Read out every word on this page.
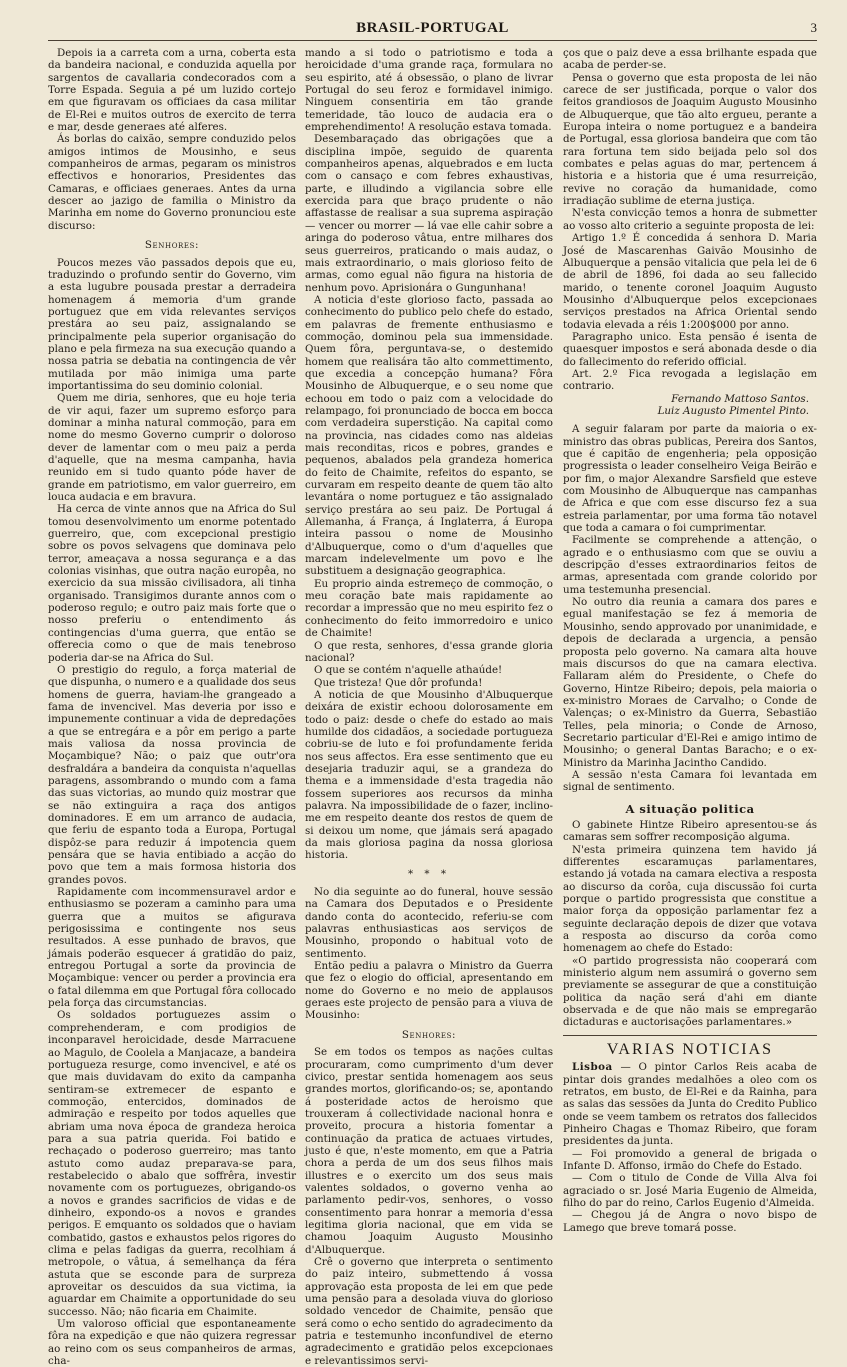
BRASIL-PORTUGAL	3

Depois ia a carreta com a urna, coberta esta da bandeira nacional, e conduzida aquella por sargentos de cavallaria condecorados com a Torre Espada. Seguia a pé um luzido cortejo em que figuravam os officiaes da casa militar de El-Rei e muitos outros de exercito de terra e mar, desde generaes até alferes.

Ás borlas do caixão, sempre conduzido pelos amigos intimos de Mousinho, e seus companheiros de armas, pegaram os ministros effectivos e honorarios, Presidentes das Camaras, e officiaes generaes. Antes da urna descer ao jazigo de familia o Ministro da Marinha em nome do Governo pronunciou este discurso:

Senhores:

Poucos mezes vão passados depois que eu, traduzindo o profundo sentir do Governo, vim a esta lugubre pousada prestar a derradeira homenagem á memoria d'um grande portuguez que em vida relevantes serviços prestára ao seu paiz, assignalando se principalmente pela superior organisação do plano e pela firmeza na sua execução quando a nossa patria se debatia na contingencia de vêr mutilada por mão inimiga uma parte importantissima do seu dominio colonial.

Quem me diria, senhores, que eu hoje teria de vir aqui, fazer um supremo esforço para dominar a minha natural commoção, para em nome do mesmo Governo cumprir o doloroso dever de lamentar com o meu paiz a perda d'aquelle, que na mesma campanha, havia reunido em si tudo quanto póde haver de grande em patriotismo, em valor guerreiro, em louca audacia e em bravura.

Ha cerca de vinte annos que na Africa do Sul tomou desenvolvimento um enorme potentado guerreiro, que, com excepcional prestigio sobre os povos selvagens que dominava pelo terror, ameaçava a nossa segurança e a das colonias visinhas, que outra nação europêa, no exercicio da sua missão civilisadora, ali tinha organisado. Transigimos durante annos com o poderoso regulo; e outro paiz mais forte que o nosso preferiu o entendimento ás contingencias d'uma guerra, que então se offerecia como o que de mais tenebroso poderia dar-se na Africa do Sul.

O prestigio do regulo, a força material de que dispunha, o numero e a qualidade dos seus homens de guerra, haviam-lhe grangeado a fama de invencivel. Mas deveria por isso e impunemente continuar a vida de depredações a que se entregára e a pôr em perigo a parte mais valiosa da nossa provincia de Moçambique? Não; o paiz que outr'ora desfraldára a bandeira da conquista n'aquellas paragens, assombrando o mundo com a fama das suas victorias, ao mundo quiz mostrar que se não extinguira a raça dos antigos dominadores. E em um arranco de audacia, que feriu de espanto toda a Europa, Portugal dispôz-se para reduzir á impotencia quem pensára que se havia entibiado a acção do povo que tem a mais formosa historia dos grandes povos.

Rapidamente com incommensuravel ardor e enthusiasmo se pozeram a caminho para uma guerra que a muitos se afigurava perigosissima e contingente nos seus resultados. A esse punhado de bravos, que jámais poderão esquecer á gratidão do paiz, entregou Portugal a sorte da provincia de Moçambique: vencer ou perder a provincia era o fatal dilemma em que Portugal fôra collocado pela força das circumstancias.

Os soldados portuguezes assim o comprehenderam, e com prodigios de inconparavel heroicidade, desde Marracuene ao Magulo, de Coolela a Manjacaze, a bandeira portugueza resurge, como invencivel, e até os que mais duvidavam do exito da campanha sentiram-se extremecer de espanto e commoção, entercidos, dominados de admiração e respeito por todos aquelles que abriam uma nova época de grandeza heroica para a sua patria querida. Foi batido e rechaçado o poderoso guerreiro; mas tanto astuto como audaz preparava-se para, restabelecido o abalo que soffrêra, investir novamente com os portuguezes, obrigando-os a novos e grandes sacrificios de vidas e de dinheiro, expondo-os a novos e grandes perigos. E emquanto os soldados que o haviam combatido, gastos e exhaustos pelos rigores do clima e pelas fadigas da guerra, recolhiam á metropole, o vâtua, á semelhança da féra astuta que se esconde para de surpreza aproveitar os descuidos da sua victima, ia aguardar em Chaimite a opportunidade do seu successo. Não; não ficaria em Chaimite.

Um valoroso official que espontaneamente fôra na expedição e que não quizera regressar ao reino com os seus companheiros de armas, cha-

mando a si todo o patriotismo e toda a heroicidade d'uma grande raça, formulara no seu espirito, até á obsessão, o plano de livrar Portugal do seu feroz e formidavel inimigo. Ninguem consentiria em tão grande temeridade, tão louco de audacia era o emprehendimento! A resolução estava tomada.

Desembaraçado das obrigações que a disciplina impõe, seguido de quarenta companheiros apenas, alquebrados e em lucta com o cansaço e com febres exhaustivas, parte, e illudindo a vigilancia sobre elle exercida para que braço prudente o não affastasse de realisar a sua suprema aspiração — vencer ou morrer — lá vae elle cahir sobre a aringa do poderoso vâtua, entre milhares dos seus guerreiros, praticando o mais audaz, o mais extraordinario, o mais glorioso feito de armas, como egual não figura na historia de nenhum povo. Aprisionára o Gungunhana!

A noticia d'este glorioso facto, passada ao conhecimento do publico pelo chefe do estado, em palavras de fremente enthusiasmo e commoção, dominou pela sua immensidade. Quem fôra, perguntava-se, o destemido homem que realisára tão alto commettimento, que excedia a concepção humana? Fôra Mousinho de Albuquerque, e o seu nome que echoou em todo o paiz com a velocidade do relampago, foi pronunciado de bocca em bocca com verdadeira superstição. Na capital como na provincia, nas cidades como nas aldeias mais reconditas, ricos e pobres, grandes e pequenos, abalados pela grandeza homerica do feito de Chaimite, refeitos do espanto, se curvaram em respeito deante de quem tão alto levantára o nome portuguez e tão assignalado serviço prestára ao seu paiz. De Portugal á Allemanha, á França, á Inglaterra, á Europa inteira passou o nome de Mousinho d'Albuquerque, como o d'um d'aquelles que marcam indelevelmente um povo e lhe substituem a designação geographica.

Eu proprio ainda estremeço de commoção, o meu coração bate mais rapidamente ao recordar a impressão que no meu espirito fez o conhecimento do feito immorredoiro e unico de Chaimite!

O que resta, senhores, d'essa grande gloria nacional?

O que se contém n'aquelle athaúde!

Que tristeza! Que dôr profunda!

A noticia de que Mousinho d'Albuquerque deixára de existir echoou dolorosamente em todo o paiz: desde o chefe do estado ao mais humilde dos cidadãos, a sociedade portugueza cobriu-se de luto e foi profundamente ferida nos seus affectos. Era esse sentimento que eu desejaria traduzir aqui, se a grandeza do thema e a immensidade d'esta tragedia não fossem superiores aos recursos da minha palavra. Na impossibilidade de o fazer, inclino-me em respeito deante dos restos de quem de si deixou um nome, que jámais será apagado da mais gloriosa pagina da nossa gloriosa historia.

* * *

No dia seguinte ao do funeral, houve sessão na Camara dos Deputados e o Presidente dando conta do acontecido, referiu-se com palavras enthusiasticas aos serviços de Mousinho, propondo o habitual voto de sentimento.

Então pediu a palavra o Ministro da Guerra que fez o elogio do official, apresentando em nome do Governo e no meio de applausos geraes este projecto de pensão para a viuva de Mousinho:

Senhores:

Se em todos os tempos as nações cultas procuraram, como cumprimento d'um dever civico, prestar sentida homenagem aos seus grandes mortos, glorificando-os; se, apontando á posteridade actos de heroismo que trouxeram á collectividade nacional honra e proveito, procura a historia fomentar a continuação da pratica de actuaes virtudes, justo é que, n'este momento, em que a Patria chora a perda de um dos seus filhos mais illustres e o exercito um dos seus mais valentes soldados, o governo venha ao parlamento pedir-vos, senhores, o vosso consentimento para honrar a memoria d'essa legitima gloria nacional, que em vida se chamou Joaquim Augusto Mousinho d'Albuquerque.

Crê o governo que interpreta o sentimento do paiz inteiro, submettendo á vossa approvação esta proposta de lei em que pede uma pensão para a desolada viuva do glorioso soldado vencedor de Chaimite, pensão que será como o echo sentido do agradecimento da patria e testemunho inconfundivel de eterno agradecimento e gratidão pelos excepcionaes e relevantissimos servi-

ços que o paiz deve a essa brilhante espada que acaba de perder-se.

Pensa o governo que esta proposta de lei não carece de ser justificada, porque o valor dos feitos grandiosos de Joaquim Augusto Mousinho de Albuquerque, que tão alto ergueu, perante a Europa inteira o nome portuguez e a bandeira de Portugal, essa gloriosa bandeira que com tão rara fortuna tem sido beijada pelo sol dos combates e pelas aguas do mar, pertencem á historia e a historia que é uma resurreição, revive no coração da humanidade, como irradiação sublime de eterna justiça.

N'esta convicção temos a honra de submetter ao vosso alto criterio a seguinte proposta de lei:

Artigo 1.º É concedida á senhora D. Maria José de Mascarenhas Gaivão Mousinho de Albuquerque a pensão vitalicia que pela lei de 6 de abril de 1896, foi dada ao seu fallecido marido, o tenente coronel Joaquim Augusto Mousinho d'Albuquerque pelos excepcionaes serviços prestados na Africa Oriental sendo todavia elevada a réis 1:200$000 por anno.

Paragrapho unico. Esta pensão é isenta de quaesquer impostos e será abonada desde o dia do fallecimento do referido official.

Art. 2.º Fica revogada a legislação em contrario.

Fernando Mattoso Santos.

Luiz Augusto Pimentel Pinto.

A seguir falaram por parte da maioria o ex-ministro das obras publicas, Pereira dos Santos, que é capitão de engenheria; pela opposição progressista o leader conselheiro Veiga Beirão e por fim, o major Alexandre Sarsfield que esteve com Mousinho de Albuquerque nas campanhas de Africa e que com esse discurso fez a sua estreia parlamentar, por uma forma tão notavel que toda a camara o foi cumprimentar.

Facilmente se comprehende a attenção, o agrado e o enthusiasmo com que se ouviu a descripção d'esses extraordinarios feitos de armas, apresentada com grande colorido por uma testemunha presencial.

No outro dia reunia a camara dos pares e egual manifestação se fez á memoria de Mousinho, sendo approvado por unanimidade, e depois de declarada a urgencia, a pensão proposta pelo governo. Na camara alta houve mais discursos do que na camara electiva. Fallaram além do Presidente, o Chefe do Governo, Hintze Ribeiro; depois, pela maioria o ex-ministro Moraes de Carvalho; o Conde de Valenças; o ex-Ministro da Guerra, Sebastião Telles, pela minoria; o Conde de Arnoso, Secretario particular d'El-Rei e amigo intimo de Mousinho; o general Dantas Baracho; e o ex-Ministro da Marinha Jacintho Candido.

A sessão n'esta Camara foi levantada em signal de sentimento.

A situação politica

O gabinete Hintze Ribeiro apresentou-se ás camaras sem soffrer recomposição alguma.

N'esta primeira quinzena tem havido já differentes escaramuças parlamentares, estando já votada na camara electiva a resposta ao discurso da corôa, cuja discussão foi curta porque o partido progressista que constitue a maior força da opposição parlamentar fez a seguinte declaração depois de dizer que votava a resposta ao discurso da corôa como homenagem ao chefe do Estado:

«O partido progressista não cooperará com ministerio algum nem assumirá o governo sem previamente se assegurar de que a constituição politica da nação será d'ahi em diante observada e de que não mais se empregarão dictaduras e auctorisações parlamentares.»

VARIAS NOTICIAS

Lisboa — O pintor Carlos Reis acaba de pintar dois grandes medalhões a oleo com os retratos, em busto, de El-Rei e da Rainha, para as salas das sessões da Junta do Credito Publico onde se veem tambem os retratos dos fallecidos Pinheiro Chagas e Thomaz Ribeiro, que foram presidentes da junta.

— Foi promovido a general de brigada o Infante D. Affonso, irmão do Chefe do Estado.

— Com o titulo de Conde de Villa Alva foi agraciado o sr. José Maria Eugenio de Almeida, filho do par do reino, Carlos Eugenio d'Almeida.

— Chegou já de Angra o novo bispo de Lamego que breve tomará posse.
